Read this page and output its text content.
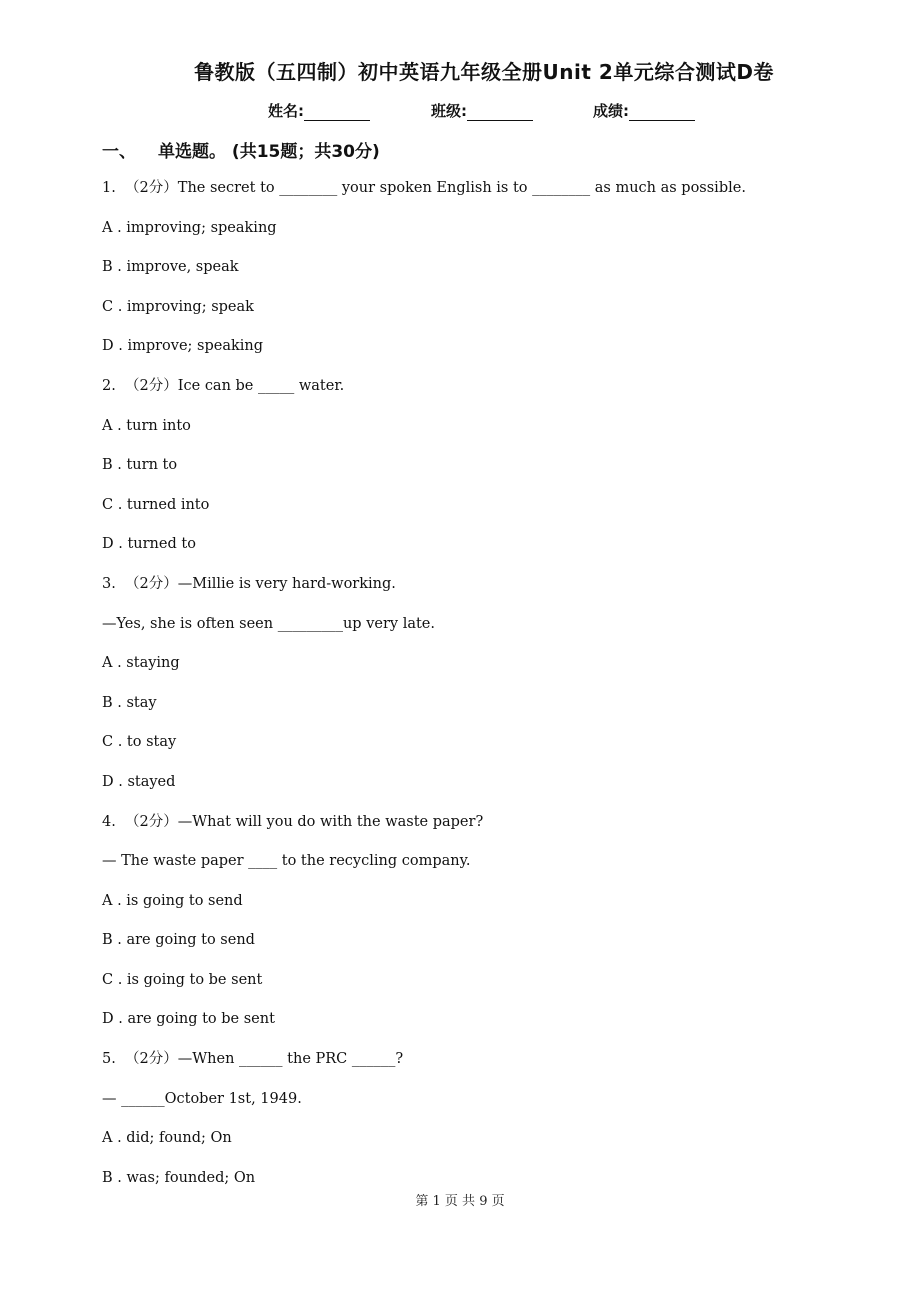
鲁教版（五四制）初中英语九年级全册Unit 2单元综合测试D卷
姓名:	班级:	成绩:
一、 单选题。 (共15题；共30分)
1.  （2分）The secret to ________ your spoken English is to ________ as much as possible.
A . improving; speaking
B . improve, speak
C . improving; speak
D . improve; speaking
2.  （2分）Ice can be _____ water.
A . turn into
B . turn to
C . turned into
D . turned to
3.  （2分）—Millie is very hard-working.
—Yes, she is often seen _________up very late.
A . staying
B . stay
C . to stay
D . stayed
4.  （2分）—What will you do with the waste paper?
— The waste paper ____ to the recycling company.
A . is going to send
B . are going to send
C . is going to be sent
D . are going to be sent
5.  （2分）—When ______ the PRC ______?
— ______October 1st, 1949.
A . did; found; On
B . was; founded; On
第 1 页 共 9 页
